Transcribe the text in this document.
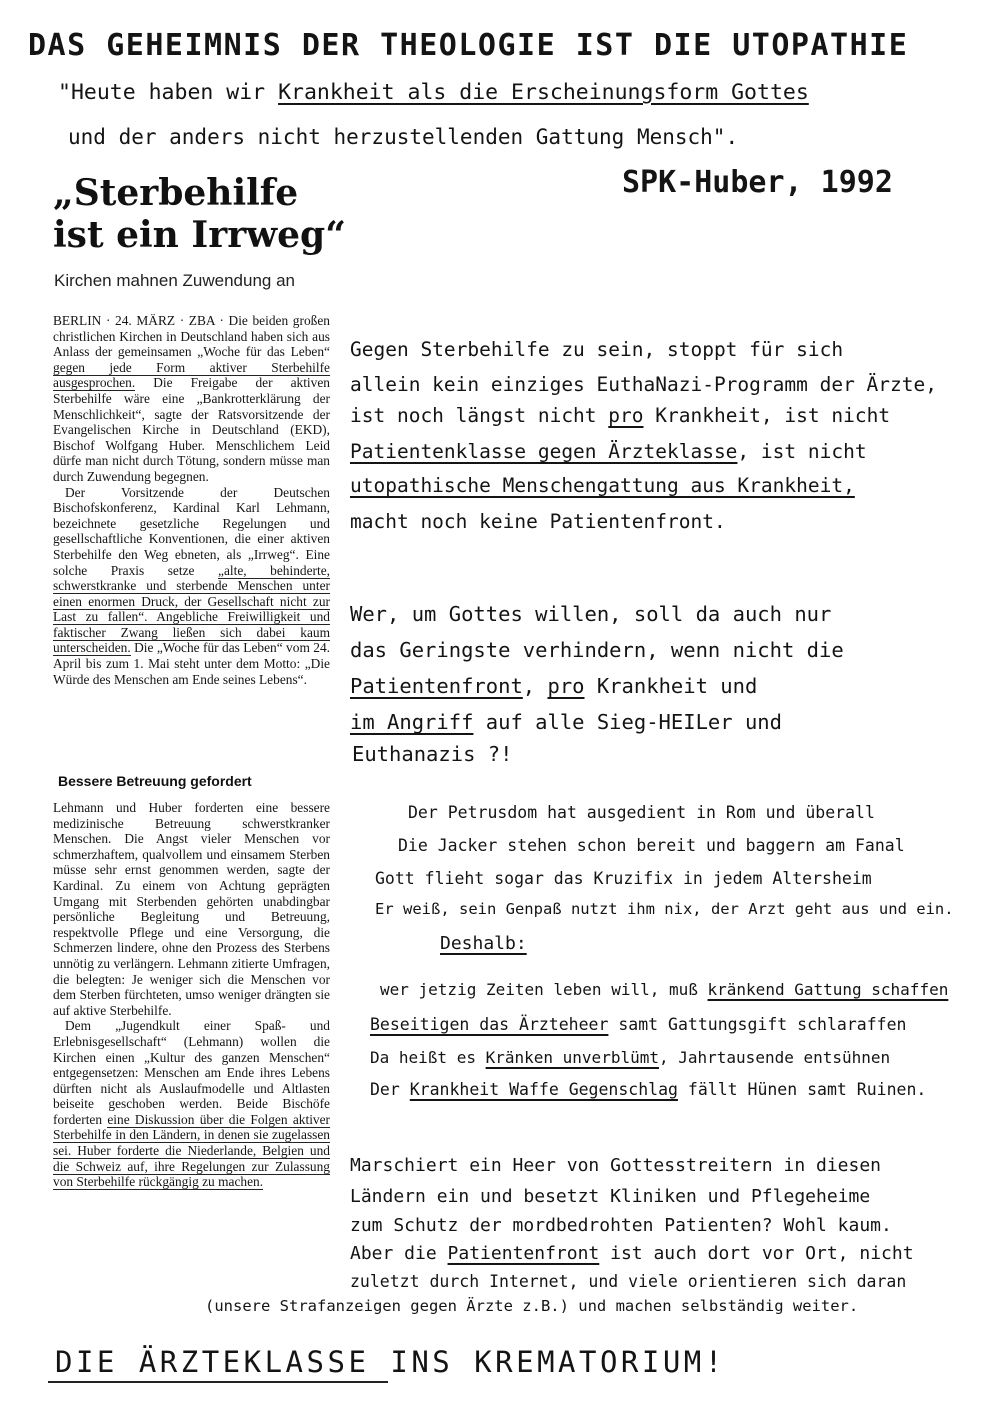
DAS GEHEIMNIS DER THEOLOGIE IST DIE UTOPATHIE
"Heute haben wir Krankheit als die Erscheinungsform Gottes
und der anders nicht herzustellenden Gattung Mensch".
SPK-Huber, 1992
„Sterbehilfe
ist ein Irrweg“
Kirchen mahnen Zuwendung an

BERLIN · 24. MÄRZ · ZBA · Die beiden großen christlichen Kirchen in Deutschland haben sich aus Anlass der gemeinsamen „Woche für das Leben“ gegen jede Form aktiver Sterbehilfe ausgesprochen. Die Freigabe der aktiven Sterbehilfe wäre eine „Bankrotterklärung der Menschlichkeit“, sagte der Ratsvorsitzende der Evangelischen Kirche in Deutschland (EKD), Bischof Wolfgang Huber. Menschlichem Leid dürfe man nicht durch Tötung, sondern müsse man durch Zuwendung begegnen.

Der Vorsitzende der Deutschen Bischofskonferenz, Kardinal Karl Lehmann, bezeichnete gesetzliche Regelungen und gesellschaftliche Konventionen, die einer aktiven Sterbehilfe den Weg ebneten, als „Irrweg“. Eine solche Praxis setze „alte, behinderte, schwerstkranke und sterbende Menschen unter einen enormen Druck, der Gesellschaft nicht zur Last zu fallen“. Angebliche Freiwilligkeit und faktischer Zwang ließen sich dabei kaum unterscheiden. Die „Woche für das Leben“ vom 24. April bis zum 1. Mai steht unter dem Motto: „Die Würde des Menschen am Ende seines Lebens“.

Bessere Betreuung gefordert

Lehmann und Huber forderten eine bessere medizinische Betreuung schwerstkranker Menschen. Die Angst vieler Menschen vor schmerzhaftem, qualvollem und einsamem Sterben müsse sehr ernst genommen werden, sagte der Kardinal. Zu einem von Achtung geprägten Umgang mit Sterbenden gehörten unabdingbar persönliche Begleitung und Betreuung, respektvolle Pflege und eine Versorgung, die Schmerzen lindere, ohne den Prozess des Sterbens unnötig zu verlängern. Lehmann zitierte Umfragen, die belegten: Je weniger sich die Menschen vor dem Sterben fürchteten, umso weniger drängten sie auf aktive Sterbehilfe.

Dem „Jugendkult einer Spaß- und Erlebnisgesellschaft“ (Lehmann) wollen die Kirchen einen „Kultur des ganzen Menschen“ entgegensetzen: Menschen am Ende ihres Lebens dürften nicht als Auslaufmodelle und Altlasten beiseite geschoben werden. Beide Bischöfe forderten eine Diskussion über die Folgen aktiver Sterbehilfe in den Ländern, in denen sie zugelassen sei. Huber forderte die Niederlande, Belgien und die Schweiz auf, ihre Regelungen zur Zulassung von Sterbehilfe rückgängig zu machen.

Gegen Sterbehilfe zu sein, stoppt für sich
allein kein einziges EuthaNazi-Programm der Ärzte,
ist noch längst nicht pro Krankheit, ist nicht
Patientenklasse gegen Ärzteklasse, ist nicht
utopathische Menschengattung aus Krankheit,
macht noch keine Patientenfront.
Wer, um Gottes willen, soll da auch nur
das Geringste verhindern, wenn nicht die
Patientenfront, pro Krankheit und
im Angriff auf alle Sieg-HEILer und
Euthanazis ?!
Der Petrusdom hat ausgedient in Rom und überall
Die Jacker stehen schon bereit und baggern am Fanal
Gott flieht sogar das Kruzifix in jedem Altersheim
Er weiß, sein Genpaß nutzt ihm nix, der Arzt geht aus und ein.
Deshalb:
wer jetzig Zeiten leben will, muß kränkend Gattung schaffen
Beseitigen das Ärzteheer samt Gattungsgift schlaraffen
Da heißt es Kränken unverblümt, Jahrtausende entsühnen
Der Krankheit Waffe Gegenschlag fällt Hünen samt Ruinen.
Marschiert ein Heer von Gottesstreitern in diesen
Ländern ein und besetzt Kliniken und Pflegeheime
zum Schutz der mordbedrohten Patienten? Wohl kaum.
Aber die Patientenfront ist auch dort vor Ort, nicht
zuletzt durch Internet, und viele orientieren sich daran
(unsere Strafanzeigen gegen Ärzte z.B.) und machen selbständig weiter.
DIE ÄRZTEKLASSE INS KREMATORIUM!
